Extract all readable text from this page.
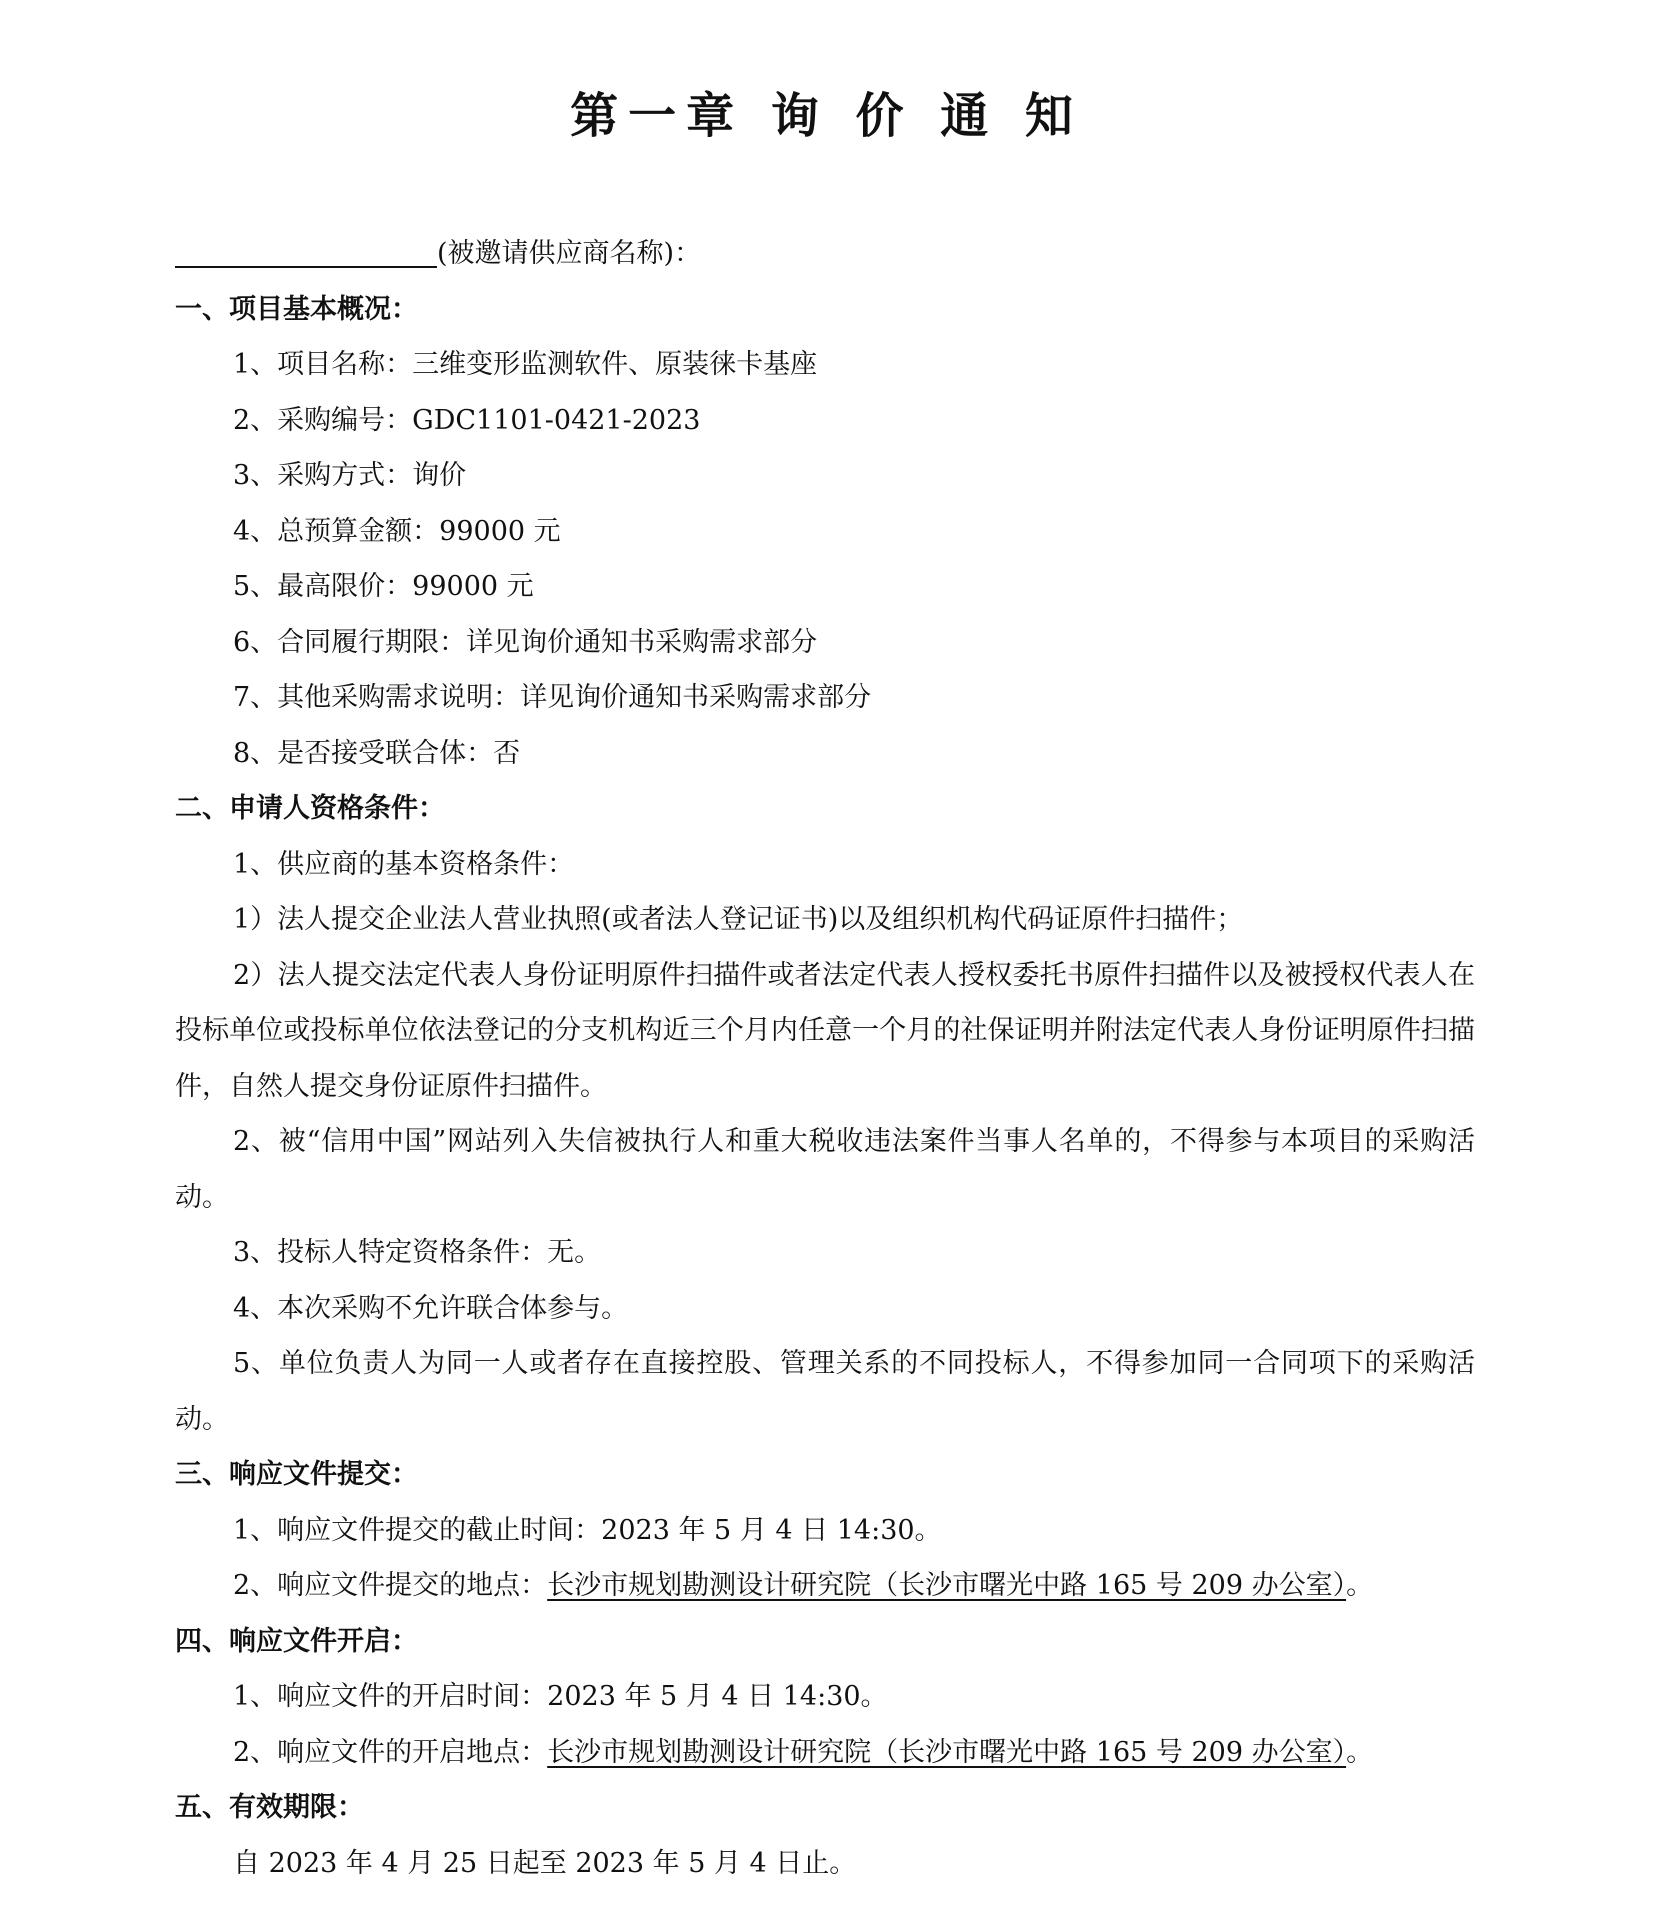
第一章 询 价 通 知

(被邀请供应商名称)：

一、项目基本概况：

1、项目名称：三维变形监测软件、原装徕卡基座

2、采购编号：GDC1101-0421-2023

3、采购方式：询价

4、总预算金额：99000 元

5、最高限价：99000 元

6、合同履行期限：详见询价通知书采购需求部分

7、其他采购需求说明：详见询价通知书采购需求部分

8、是否接受联合体：否

二、申请人资格条件：

1、供应商的基本资格条件：

1）法人提交企业法人营业执照(或者法人登记证书)以及组织机构代码证原件扫描件；

2）法人提交法定代表人身份证明原件扫描件或者法定代表人授权委托书原件扫描件以及被授权代表人在投标单位或投标单位依法登记的分支机构近三个月内任意一个月的社保证明并附法定代表人身份证明原件扫描件，自然人提交身份证原件扫描件。

2、被“信用中国”网站列入失信被执行人和重大税收违法案件当事人名单的，不得参与本项目的采购活动。

3、投标人特定资格条件：无。

4、本次采购不允许联合体参与。

5、单位负责人为同一人或者存在直接控股、管理关系的不同投标人，不得参加同一合同项下的采购活动。

三、响应文件提交：

1、响应文件提交的截止时间：2023 年 5 月 4 日 14:30。

2、响应文件提交的地点：长沙市规划勘测设计研究院（长沙市曙光中路 165 号 209 办公室）。

四、响应文件开启：

1、响应文件的开启时间：2023 年 5 月 4 日 14:30。

2、响应文件的开启地点：长沙市规划勘测设计研究院（长沙市曙光中路 165 号 209 办公室）。

五、有效期限：

自 2023 年 4 月 25 日起至 2023 年 5 月 4 日止。
